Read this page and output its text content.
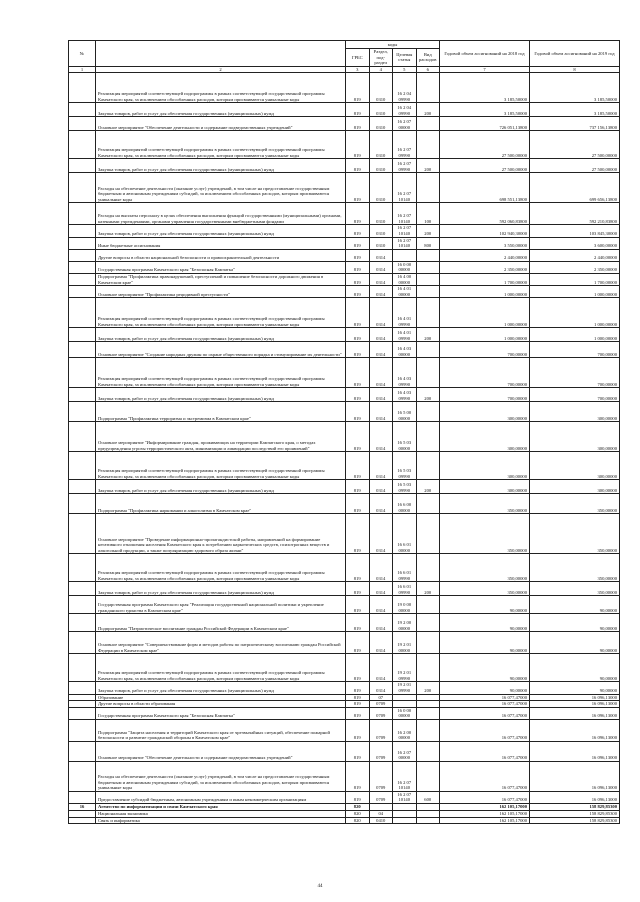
№		коды				Годовой объем ассигнований на 2018 год	Годовой объем ассигнований на 2019 год
		ГРБС	Раздел, под-раздел	Целевая статья	Вид расходов		
1	2	3	4	5	6	7	8
	Реализация мероприятий соответствующей подпрограммы в рамках соответствующей государственной программы Камчатского края, за исключением обособленных расходов, которым присваиваются уникальные коды	819	0310	16 2 04 09990		3 185,50000	3 185,50000
	Закупка товаров, работ и услуг для обеспечения государственных (муниципальных) нужд	819	0310	16 2 04 09990	200	3 185,50000	3 185,50000
	Основное мероприятие "Обеспечение деятельности и содержание подведомственных учреждений"	819	0310	16 2 07 00000		726 051,13800	737 156,13800
	Реализация мероприятий соответствующей подпрограммы в рамках соответствующей государственной программы Камчатского края, за исключением обособленных расходов, которым присваиваются уникальные коды	819	0310	16 2 07 09990		27 500,00000	27 500,00000
	Закупка товаров, работ и услуг для обеспечения государственных (муниципальных) нужд	819	0310	16 2 07 09990	200	27 500,00000	27 500,00000
	Расходы на обеспечение деятельности (оказание услуг) учреждений, в том числе на предоставление государственным бюджетным и автономным учреждениям субсидий, за исключением обособленных расходов, которым присваиваются уникальные коды	819	0310	16 2 07 10140		698 551,13800	699 656,13800
	Расходы на выплаты персоналу в целях обеспечения выполнения функций государственными (муниципальными) органами, казенными учреждениями, органами управления государственными внебюджетными фондами	819	0310	16 2 07 10140	100	592 060,83800	592 210,83800
	Закупка товаров, работ и услуг для обеспечения государственных (муниципальных) нужд	819	0310	16 2 07 10140	200	102 940,30000	103 845,30000
	Иные бюджетные ассигнования	819	0310	16 2 07 10140	800	3 550,00000	3 600,00000
	Другие вопросы в области национальной безопасности и правоохранительной деятельности	819	0314			2 440,00000	2 440,00000
	Государственная программа Камчатского края "Безопасная Камчатка"	819	0314	16 0 00 00000		2 350,00000	2 350,00000
	Подпрограмма "Профилактика правонарушений, преступлений и повышение безопасности дорожного движения в Камчатском крае"	819	0314	16 4 00 00000		1 700,00000	1 700,00000
	Основное мероприятие "Профилактика рецидивной преступности"	819	0314	16 4 01 00000		1 000,00000	1 000,00000
	Реализация мероприятий соответствующей подпрограммы в рамках соответствующей государственной программы Камчатского края, за исключением обособленных расходов, которым присваиваются уникальные коды	819	0314	16 4 01 09990		1 000,00000	1 000,00000
	Закупка товаров, работ и услуг для обеспечения государственных (муниципальных) нужд	819	0314	16 4 01 09990	200	1 000,00000	1 000,00000
	Основное мероприятие "Создание народных дружин по охране общественного порядка и стимулирование их деятельности"	819	0314	16 4 03 00000		700,00000	700,00000
	Реализация мероприятий соответствующей подпрограммы в рамках соответствующей государственной программы Камчатского края, за исключением обособленных расходов, которым присваиваются уникальные коды	819	0314	16 4 03 09990		700,00000	700,00000
	Закупка товаров, работ и услуг для обеспечения государственных (муниципальных) нужд	819	0314	16 4 03 09990	200	700,00000	700,00000
	Подпрограмма "Профилактика терроризма и экстремизма в Камчатском крае"	819	0314	16 5 00 00000		300,00000	300,00000
	Основное мероприятие "Информирование граждан, проживающих на территории Камчатского края, о методах предупреждения угрозы террористического акта, минимизации и ликвидации последствий его проявлений"	819	0314	16 5 03 00000		300,00000	300,00000
	Реализация мероприятий соответствующей подпрограммы в рамках соответствующей государственной программы Камчатского края, за исключением обособленных расходов, которым присваиваются уникальные коды	819	0314	16 5 03 09990		300,00000	300,00000
	Закупка товаров, работ и услуг для обеспечения государственных (муниципальных) нужд	819	0314	16 5 03 09990	200	300,00000	300,00000
	Подпрограмма "Профилактика наркомании и алкоголизма в Камчатском крае"	819	0314	16 6 00 00000		350,00000	350,00000
	Основное мероприятие "Проведение информационно-пропагандистской работы, направленной на формирование негативного отношения населения Камчатского края к потреблению наркотических средств, психотропных веществ и алкогольной продукции, а также популяризацию здорового образа жизни"	819	0314	16 6 01 00000		350,00000	350,00000
	Реализация мероприятий соответствующей подпрограммы в рамках соответствующей государственной программы Камчатского края, за исключением обособленных расходов, которым присваиваются уникальные коды	819	0314	16 6 01 09990		350,00000	350,00000
	Закупка товаров, работ и услуг для обеспечения государственных (муниципальных) нужд	819	0314	16 6 01 09990	200	350,00000	350,00000
	Государственная программа Камчатского края "Реализация государственной национальной политики и укрепление гражданского единства в Камчатском крае"	819	0314	19 0 00 00000		90,00000	90,00000
	Подпрограмма "Патриотическое воспитание граждан Российской Федерации в Камчатском крае"	819	0314	19 2 00 00000		90,00000	90,00000
	Основное мероприятие "Совершенствование форм и методов работы по патриотическому воспитанию граждан Российской Федерации в Камчатском крае"	819	0314	19 2 01 00000		90,00000	90,00000
	Реализация мероприятий соответствующей подпрограммы в рамках соответствующей государственной программы Камчатского края, за исключением обособленных расходов, которым присваиваются уникальные коды	819	0314	19 2 01 09990		90,00000	90,00000
	Закупка товаров, работ и услуг для обеспечения государственных (муниципальных) нужд	819	0314	19 2 01 09990	200	90,00000	90,00000
	Образование	819	07			16 077,47000	16 096,13000
	Другие вопросы в области образования	819	0709			16 077,47000	16 096,13000
	Государственная программа Камчатского края "Безопасная Камчатка"	819	0709	16 0 00 00000		16 077,47000	16 096,13000
	Подпрограмма "Защита населения и территорий Камчатского края от чрезвычайных ситуаций, обеспечение пожарной безопасности и развитие гражданской обороны в Камчатском крае"	819	0709	16 2 00 00000		16 077,47000	16 096,13000
	Основное мероприятие "Обеспечение деятельности и содержание подведомственных учреждений"	819	0709	16 2 07 00000		16 077,47000	16 096,13000
	Расходы на обеспечение деятельности (оказание услуг) учреждений, в том числе на предоставление государственным бюджетным и автономным учреждениям субсидий, за исключением обособленных расходов, которым присваиваются уникальные коды	819	0709	16 2 07 10140		16 077,47000	16 096,13000
	Предоставление субсидий бюджетным, автономным учреждениям и иным некоммерческим организациям	819	0709	16 2 07 10140	600	16 077,47000	16 096,13000
16	Агентство по информатизации и связи Камчатского края	820				162 105,17000	158 829,85300
	Национальная экономика	820	04			162 105,17000	158 829,85300
	Связь и информатика	820	0410			162 105,17000	158 829,85300
44
